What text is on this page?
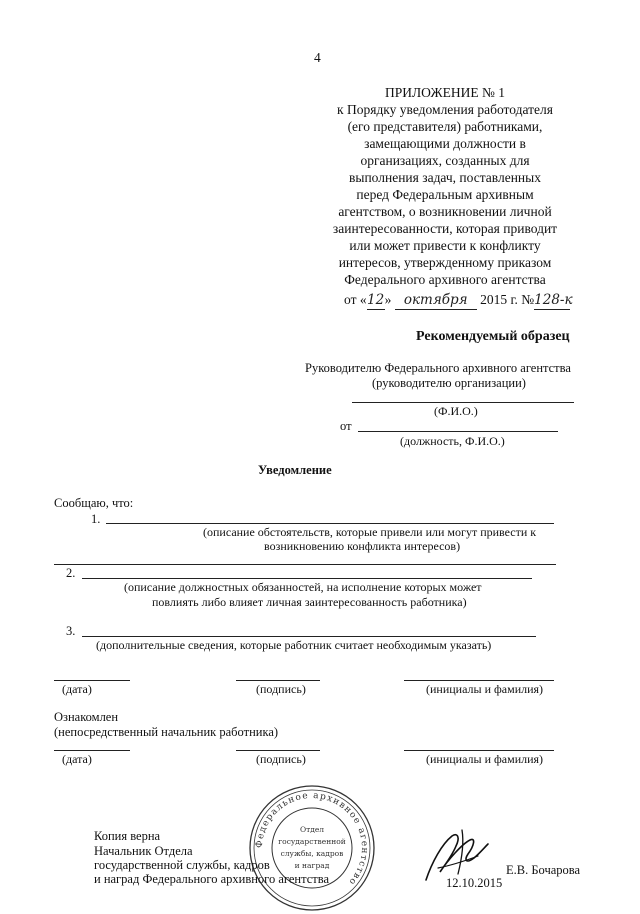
4
ПРИЛОЖЕНИЕ № 1
к Порядку уведомления работодателя
(его представителя) работниками,
замещающими должности в
организациях, созданных для
выполнения задач, поставленных
перед Федеральным архивным
агентством, о возникновении личной
заинтересованности, которая приводит
или может привести к конфликту
интересов, утвержденному приказом
Федерального архивного агентства
от «12» октября 2015 г. №128-к
Рекомендуемый образец
Руководителю Федерального архивного агентства
(руководителю организации)
(Ф.И.О.)
от
(должность, Ф.И.О.)
Уведомление
Сообщаю, что:
1.
(описание обстоятельств, которые привели или могут привести к
возникновению конфликта интересов)
2.
(описание должностных обязанностей, на исполнение которых может
повлиять либо влияет личная заинтересованность работника)
3.
(дополнительные сведения, которые работник считает необходимым указать)
(дата)	(подпись)	(инициалы и фамилия)
Ознакомлен
(непосредственный начальник работника)
(дата)	(подпись)	(инициалы и фамилия)
Федеральное архивное агентство
Отдел
государственной
службы, кадров
и наград
Копия верна
Начальник Отдела
государственной службы, кадров
и наград Федерального архивного агентства
Е.В. Бочарова
12.10.2015
